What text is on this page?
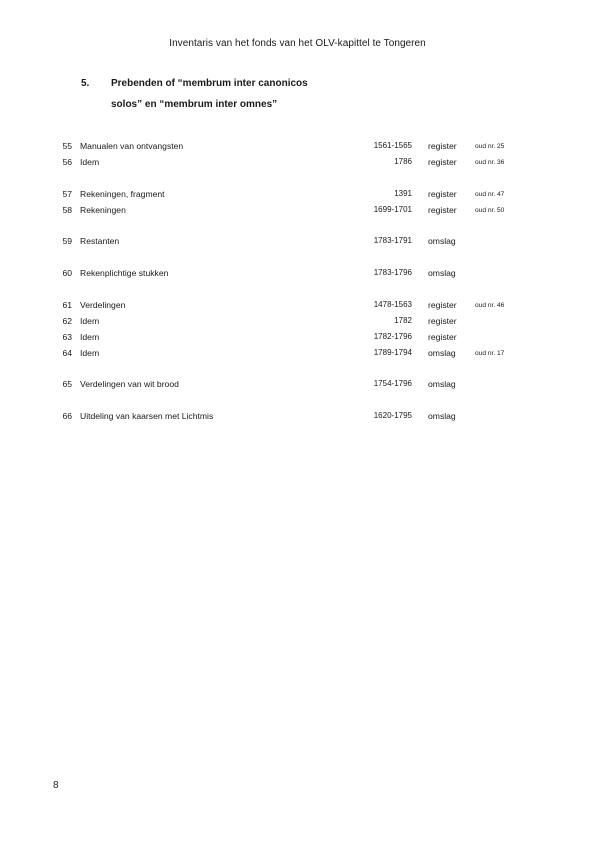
Inventaris van het fonds van het OLV-kapittel te Tongeren
5. Prebenden of “membrum inter canonicos
solos” en “membrum inter omnes”
55 Manualen van ontvangsten	1561-1565 register	oud nr. 25
56 Idem	1786 register	oud nr. 36
57 Rekeningen, fragment	1391 register	oud nr. 47
58 Rekeningen	1699-1701 register	oud nr. 50
59 Restanten	1783-1791 omslag
60 Rekenplichtige stukken	1783-1796 omslag
61 Verdelingen	1478-1563 register	oud nr. 46
62 Idem	1782 register
63 Idem	1782-1796 register
64 Idem	1789-1794 omslag	oud nr. 17
65 Verdelingen van wit brood	1754-1796 omslag
66 Uitdeling van kaarsen met Lichtmis	1620-1795 omslag
8
